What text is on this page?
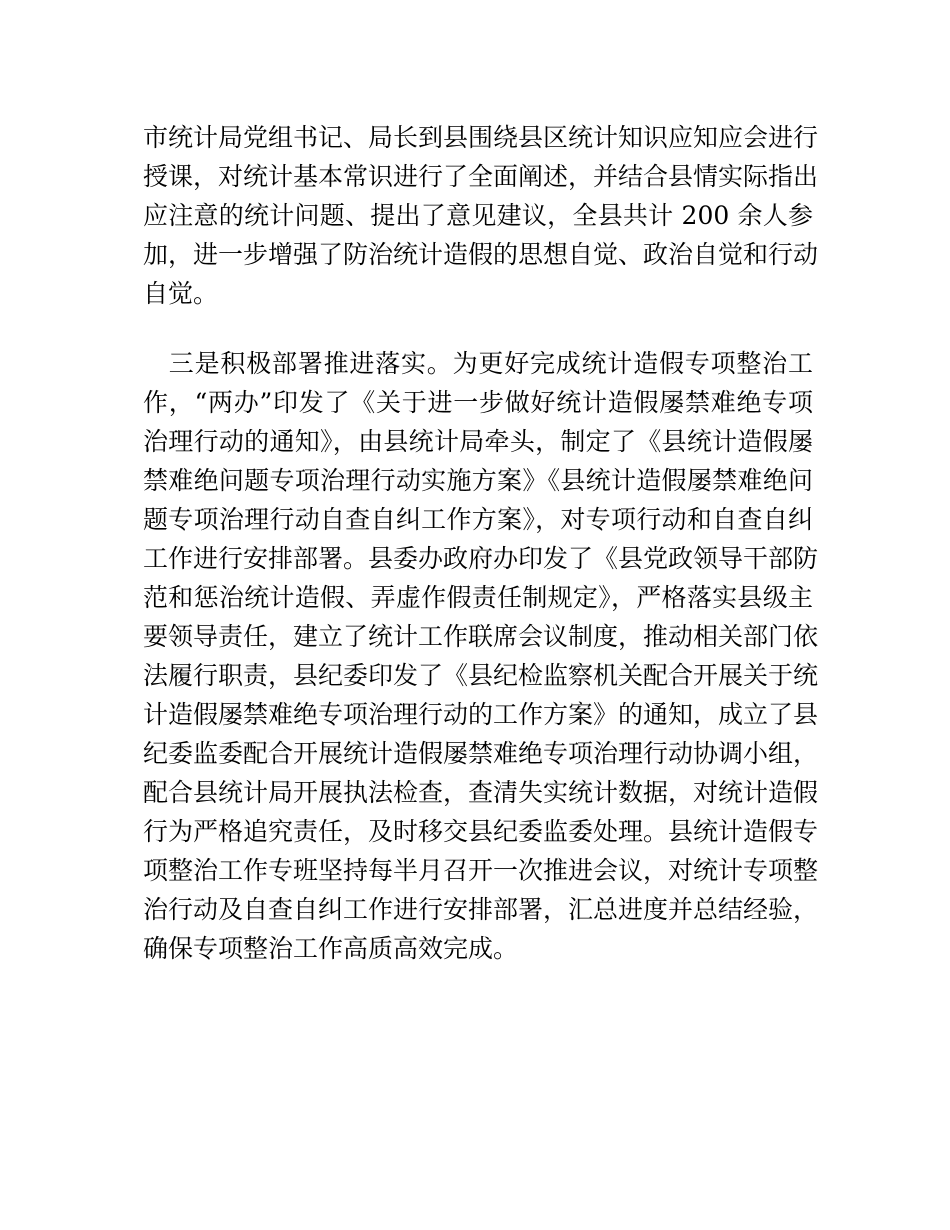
市统计局党组书记、局长到县围绕县区统计知识应知应会进行
授课，对统计基本常识进行了全面阐述，并结合县情实际指出
应注意的统计问题、提出了意见建议，全县共计 200 余人参
加，进一步增强了防治统计造假的思想自觉、政治自觉和行动
自觉。
　三是积极部署推进落实。为更好完成统计造假专项整治工
作，“两办”印发了《关于进一步做好统计造假屡禁难绝专项
治理行动的通知》，由县统计局牵头，制定了《县统计造假屡
禁难绝问题专项治理行动实施方案》《县统计造假屡禁难绝问
题专项治理行动自查自纠工作方案》，对专项行动和自查自纠
工作进行安排部署。县委办政府办印发了《县党政领导干部防
范和惩治统计造假、弄虚作假责任制规定》，严格落实县级主
要领导责任，建立了统计工作联席会议制度，推动相关部门依
法履行职责，县纪委印发了《县纪检监察机关配合开展关于统
计造假屡禁难绝专项治理行动的工作方案》的通知，成立了县
纪委监委配合开展统计造假屡禁难绝专项治理行动协调小组，
配合县统计局开展执法检查，查清失实统计数据，对统计造假
行为严格追究责任，及时移交县纪委监委处理。县统计造假专
项整治工作专班坚持每半月召开一次推进会议，对统计专项整
治行动及自查自纠工作进行安排部署，汇总进度并总结经验，
确保专项整治工作高质高效完成。
